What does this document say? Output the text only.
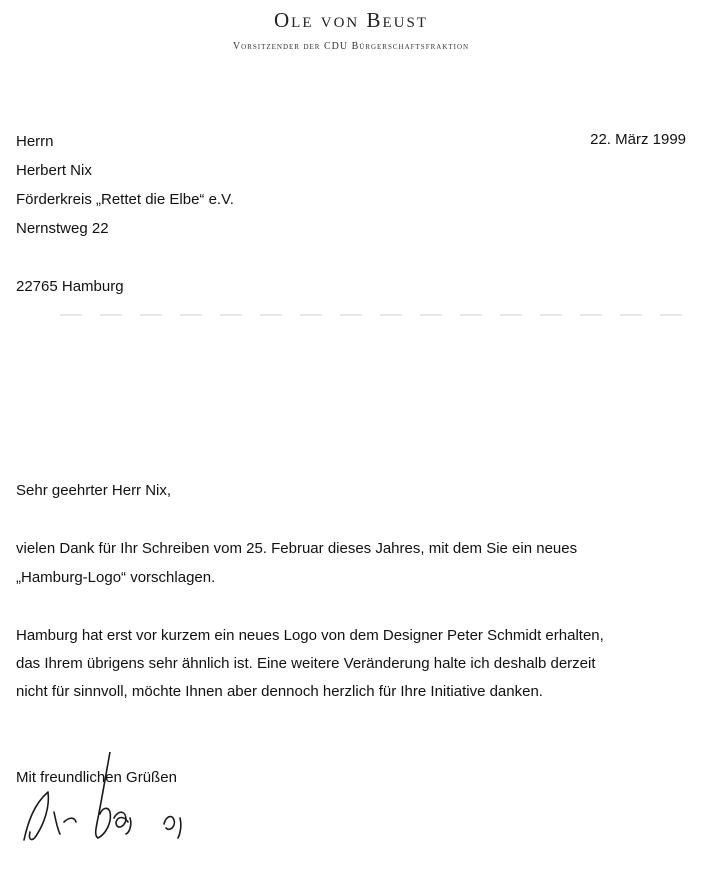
Ole von Beust
Vorsitzender der CDU Bürgerschaftsfraktion
22. März 1999
Herrn
Herbert Nix
Förderkreis „Rettet die Elbe“ e.V.
Nernstweg 22
22765 Hamburg
Sehr geehrter Herr Nix,
vielen Dank für Ihr Schreiben vom 25. Februar dieses Jahres, mit dem Sie ein neues
„Hamburg-Logo“ vorschlagen.
Hamburg hat erst vor kurzem ein neues Logo von dem Designer Peter Schmidt erhalten,
das Ihrem übrigens sehr ähnlich ist. Eine weitere Veränderung halte ich deshalb derzeit
nicht für sinnvoll, möchte Ihnen aber dennoch herzlich für Ihre Initiative danken.
Mit freundlichen Grüßen
